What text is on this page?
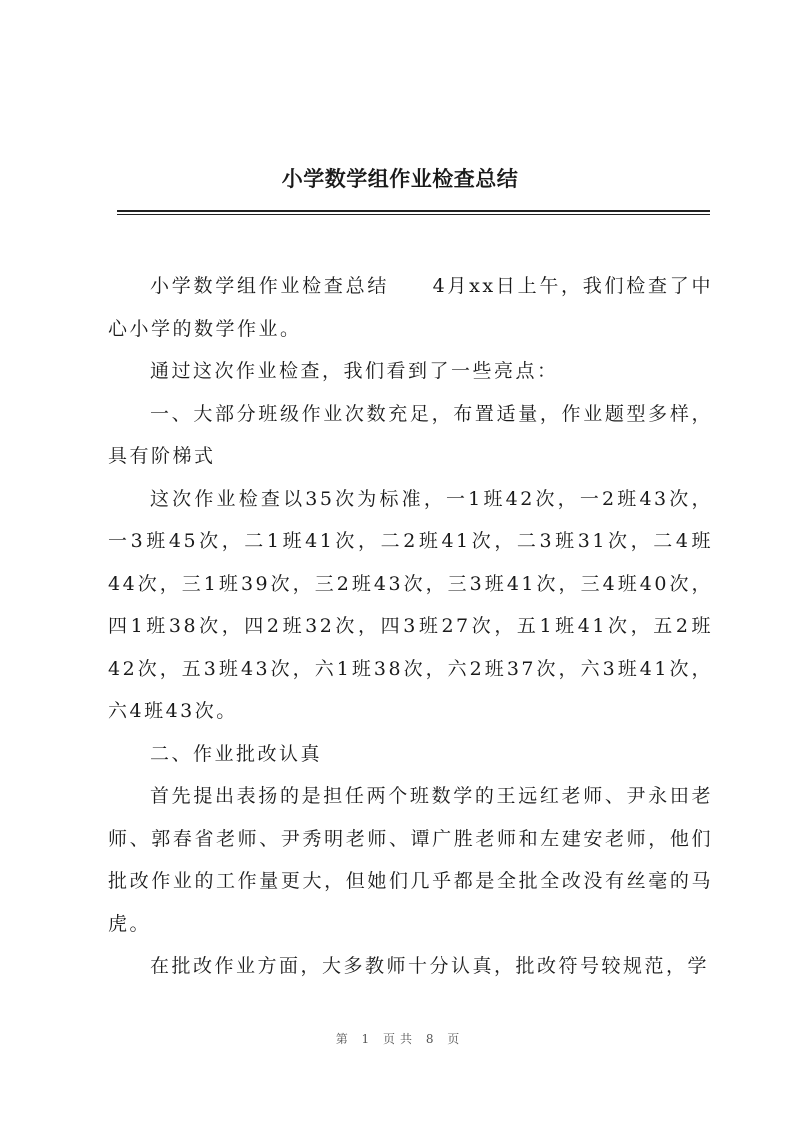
小学数学组作业检查总结

小学数学组作业检查总结　　4月xx日上午，我们检查了中心小学的数学作业。

通过这次作业检查，我们看到了一些亮点：

一、大部分班级作业次数充足，布置适量，作业题型多样，具有阶梯式

这次作业检查以35次为标准，一1班42次，一2班43次，一3班45次，二1班41次，二2班41次，二3班31次，二4班44次，三1班39次，三2班43次，三3班41次，三4班40次，四1班38次，四2班32次，四3班27次，五1班41次，五2班42次，五3班43次，六1班38次，六2班37次，六3班41次，六4班43次。

二、作业批改认真

首先提出表扬的是担任两个班数学的王远红老师、尹永田老师、郭春省老师、尹秀明老师、谭广胜老师和左建安老师，他们批改作业的工作量更大，但她们几乎都是全批全改没有丝毫的马虎。

在批改作业方面，大多教师十分认真，批改符号较规范，学

第 1 页共 8 页
